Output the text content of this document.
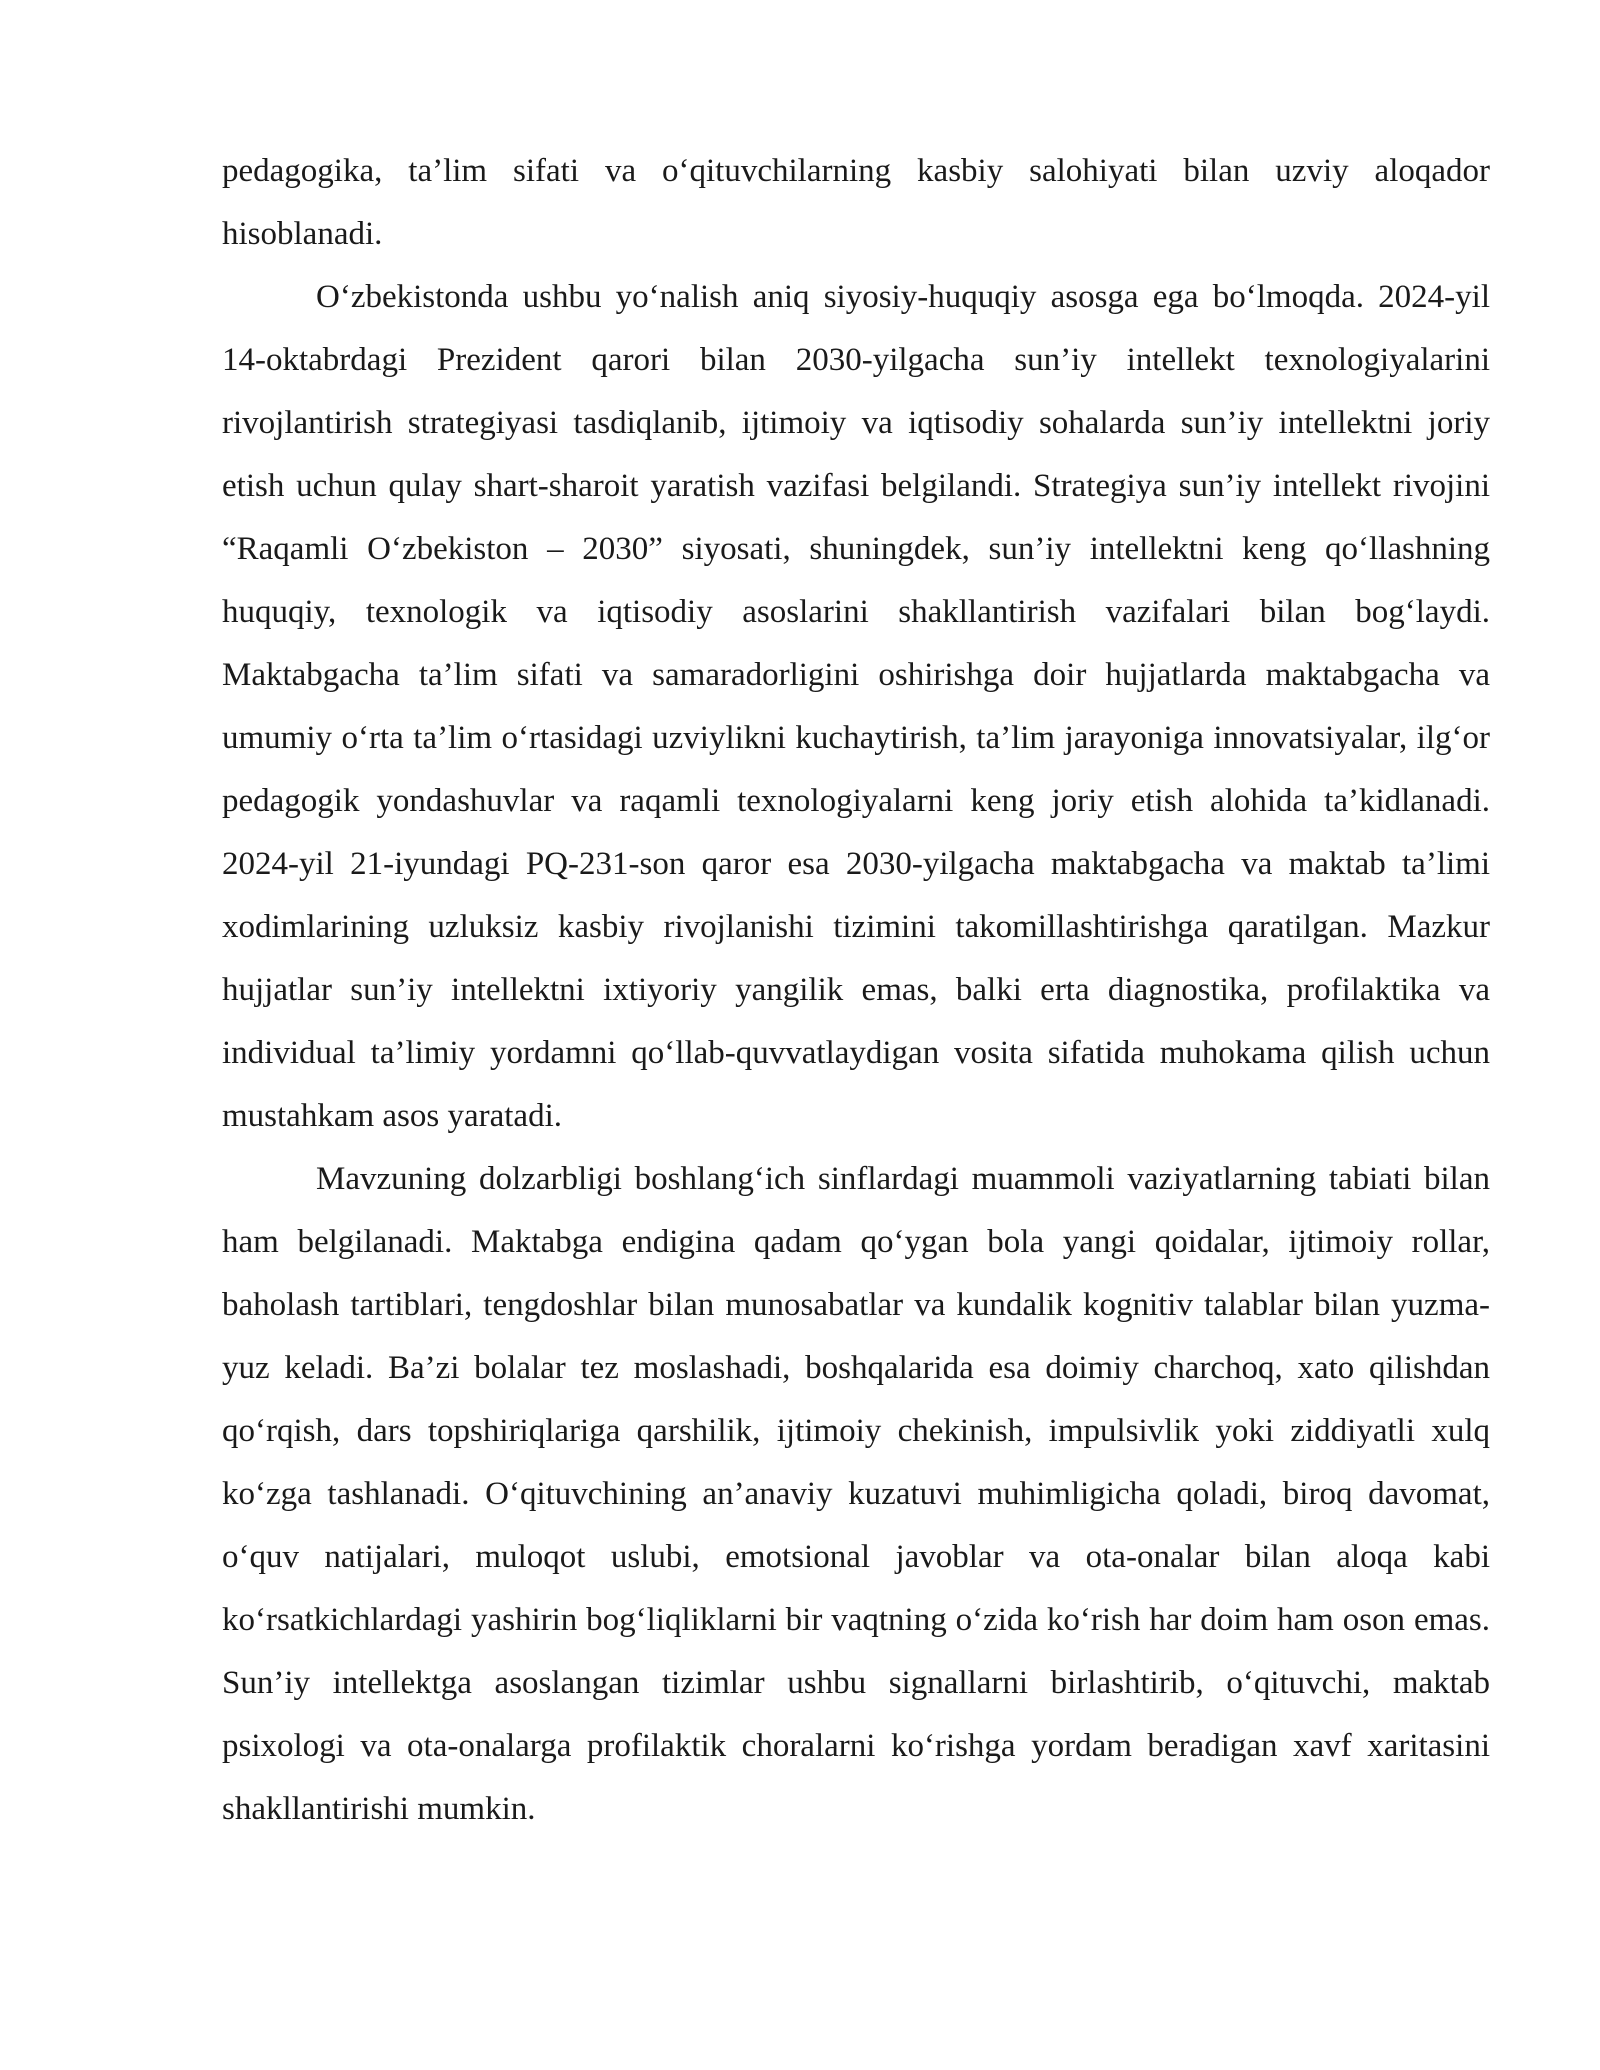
pedagogika, ta’lim sifati va o‘qituvchilarning kasbiy salohiyati bilan uzviy aloqador hisoblanadi.

O‘zbekistonda ushbu yo‘nalish aniq siyosiy-huquqiy asosga ega bo‘lmoqda. 2024-yil 14-oktabrdagi Prezident qarori bilan 2030-yilgacha sun’iy intellekt texnologiyalarini rivojlantirish strategiyasi tasdiqlanib, ijtimoiy va iqtisodiy sohalarda sun’iy intellektni joriy etish uchun qulay shart-sharoit yaratish vazifasi belgilandi. Strategiya sun’iy intellekt rivojini “Raqamli O‘zbekiston – 2030” siyosati, shuningdek, sun’iy intellektni keng qo‘llashning huquqiy, texnologik va iqtisodiy asoslarini shakllantirish vazifalari bilan bog‘laydi. Maktabgacha ta’lim sifati va samaradorligini oshirishga doir hujjatlarda maktabgacha va umumiy o‘rta ta’lim o‘rtasidagi uzviylikni kuchaytirish, ta’lim jarayoniga innovatsiyalar, ilg‘or pedagogik yondashuvlar va raqamli texnologiyalarni keng joriy etish alohida ta’kidlanadi. 2024-yil 21-iyundagi PQ-231-son qaror esa 2030-yilgacha maktabgacha va maktab ta’limi xodimlarining uzluksiz kasbiy rivojlanishi tizimini takomillashtirishga qaratilgan. Mazkur hujjatlar sun’iy intellektni ixtiyoriy yangilik emas, balki erta diagnostika, profilaktika va individual ta’limiy yordamni qo‘llab-quvvatlaydigan vosita sifatida muhokama qilish uchun mustahkam asos yaratadi.

Mavzuning dolzarbligi boshlang‘ich sinflardagi muammoli vaziyatlarning tabiati bilan ham belgilanadi. Maktabga endigina qadam qo‘ygan bola yangi qoidalar, ijtimoiy rollar, baholash tartiblari, tengdoshlar bilan munosabatlar va kundalik kognitiv talablar bilan yuzma-yuz keladi. Ba’zi bolalar tez moslashadi, boshqalarida esa doimiy charchoq, xato qilishdan qo‘rqish, dars topshiriqlariga qarshilik, ijtimoiy chekinish, impulsivlik yoki ziddiyatli xulq ko‘zga tashlanadi. O‘qituvchining an’anaviy kuzatuvi muhimligicha qoladi, biroq davomat, o‘quv natijalari, muloqot uslubi, emotsional javoblar va ota-onalar bilan aloqa kabi ko‘rsatkichlardagi yashirin bog‘liqliklarni bir vaqtning o‘zida ko‘rish har doim ham oson emas. Sun’iy intellektga asoslangan tizimlar ushbu signallarni birlashtirib, o‘qituvchi, maktab psixologi va ota-onalarga profilaktik choralarni ko‘rishga yordam beradigan xavf xaritasini shakllantirishi mumkin.
